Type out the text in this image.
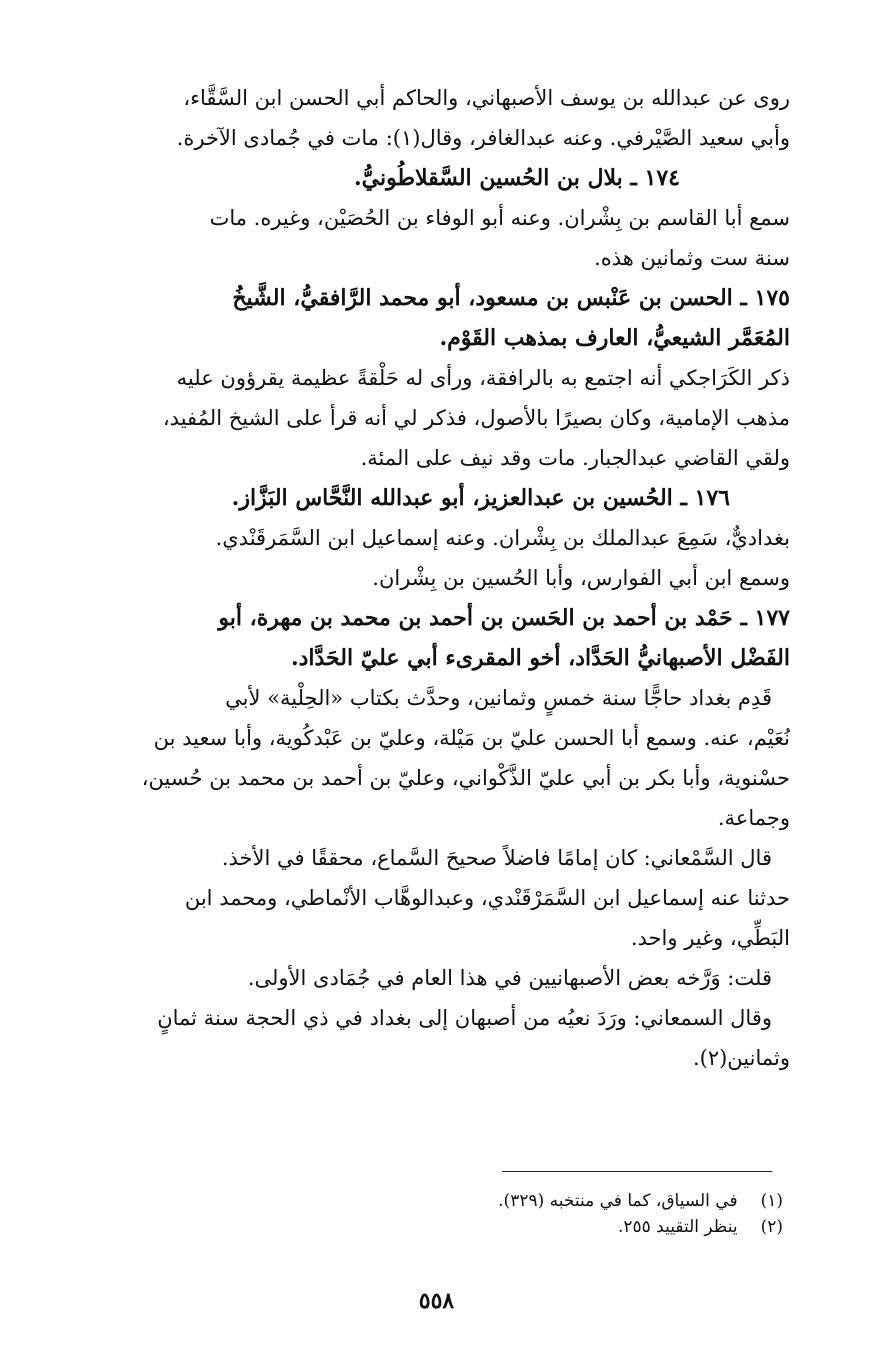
روى عن عبدالله بن يوسف الأصبهاني، والحاكم أبي الحسن ابن السَّقَّاء،
وأبي سعيد الصَّيْرفي. وعنه عبدالغافر، وقال(١): مات في جُمادى الآخرة.
١٧٤ ـ بلال بن الحُسين السَّقلاطُونيُّ.
سمع أبا القاسم بن بِشْران. وعنه أبو الوفاء بن الحُصَيْن، وغيره. مات
سنة ست وثمانين هذه.
١٧٥ ـ الحسن بن عَنْبس بن مسعود، أبو محمد الرَّافقيُّ، الشَّيخُ
المُعَمَّر الشيعيُّ، العارف بمذهب القَوْم.
ذكر الكَرَاجكي أنه اجتمع به بالرافقة، ورأى له حَلْقةً عظيمة يقرؤون عليه
مذهب الإمامية، وكان بصيرًا بالأصول، فذكر لي أنه قرأ على الشيخ المُفيد،
ولقي القاضي عبدالجبار. مات وقد نيف على المئة.
١٧٦ ـ الحُسين بن عبدالعزيز، أبو عبدالله النَّحَّاس البَزَّاز.
بغداديٌّ، سَمِعَ عبدالملك بن بِشْران. وعنه إسماعيل ابن السَّمَرقَنْدي.
وسمع ابن أبي الفوارس، وأبا الحُسين بن بِشْران.
١٧٧ ـ حَمْد بن أحمد بن الحَسن بن أحمد بن محمد بن مهرة، أبو
الفَضْل الأصبهانيُّ الحَدَّاد، أخو المقرىء أبي عليّ الحَدَّاد.
قَدِم بغداد حاجًّا سنة خمسٍ وثمانين، وحدَّث بكتاب «الحِلْية» لأبي
نُعَيْم، عنه. وسمع أبا الحسن عليّ بن مَيْلة، وعليّ بن عَبْدكُوية، وأبا سعيد بن
حسْنوية، وأبا بكر بن أبي عليّ الذَّكْواني، وعليّ بن أحمد بن محمد بن حُسين،
وجماعة.
قال السَّمْعاني: كان إمامًا فاضلاً صحيحَ السَّماع، محققًا في الأخذ.
حدثنا عنه إسماعيل ابن السَّمَرْقَنْدي، وعبدالوهَّاب الأنْماطي، ومحمد ابن
البَطِّي، وغير واحد.
قلت: وَرَّخه بعض الأصبهانيين في هذا العام في جُمَادى الأولى.
وقال السمعاني: ورَدَ نعيُه من أصبهان إلى بغداد في ذي الحجة سنة ثمانٍ
وثمانين(٢).
(١) في السياق، كما في منتخبه (٣٢٩).
(٢) ينظر التقييد ٢٥٥.
٥٥٨
